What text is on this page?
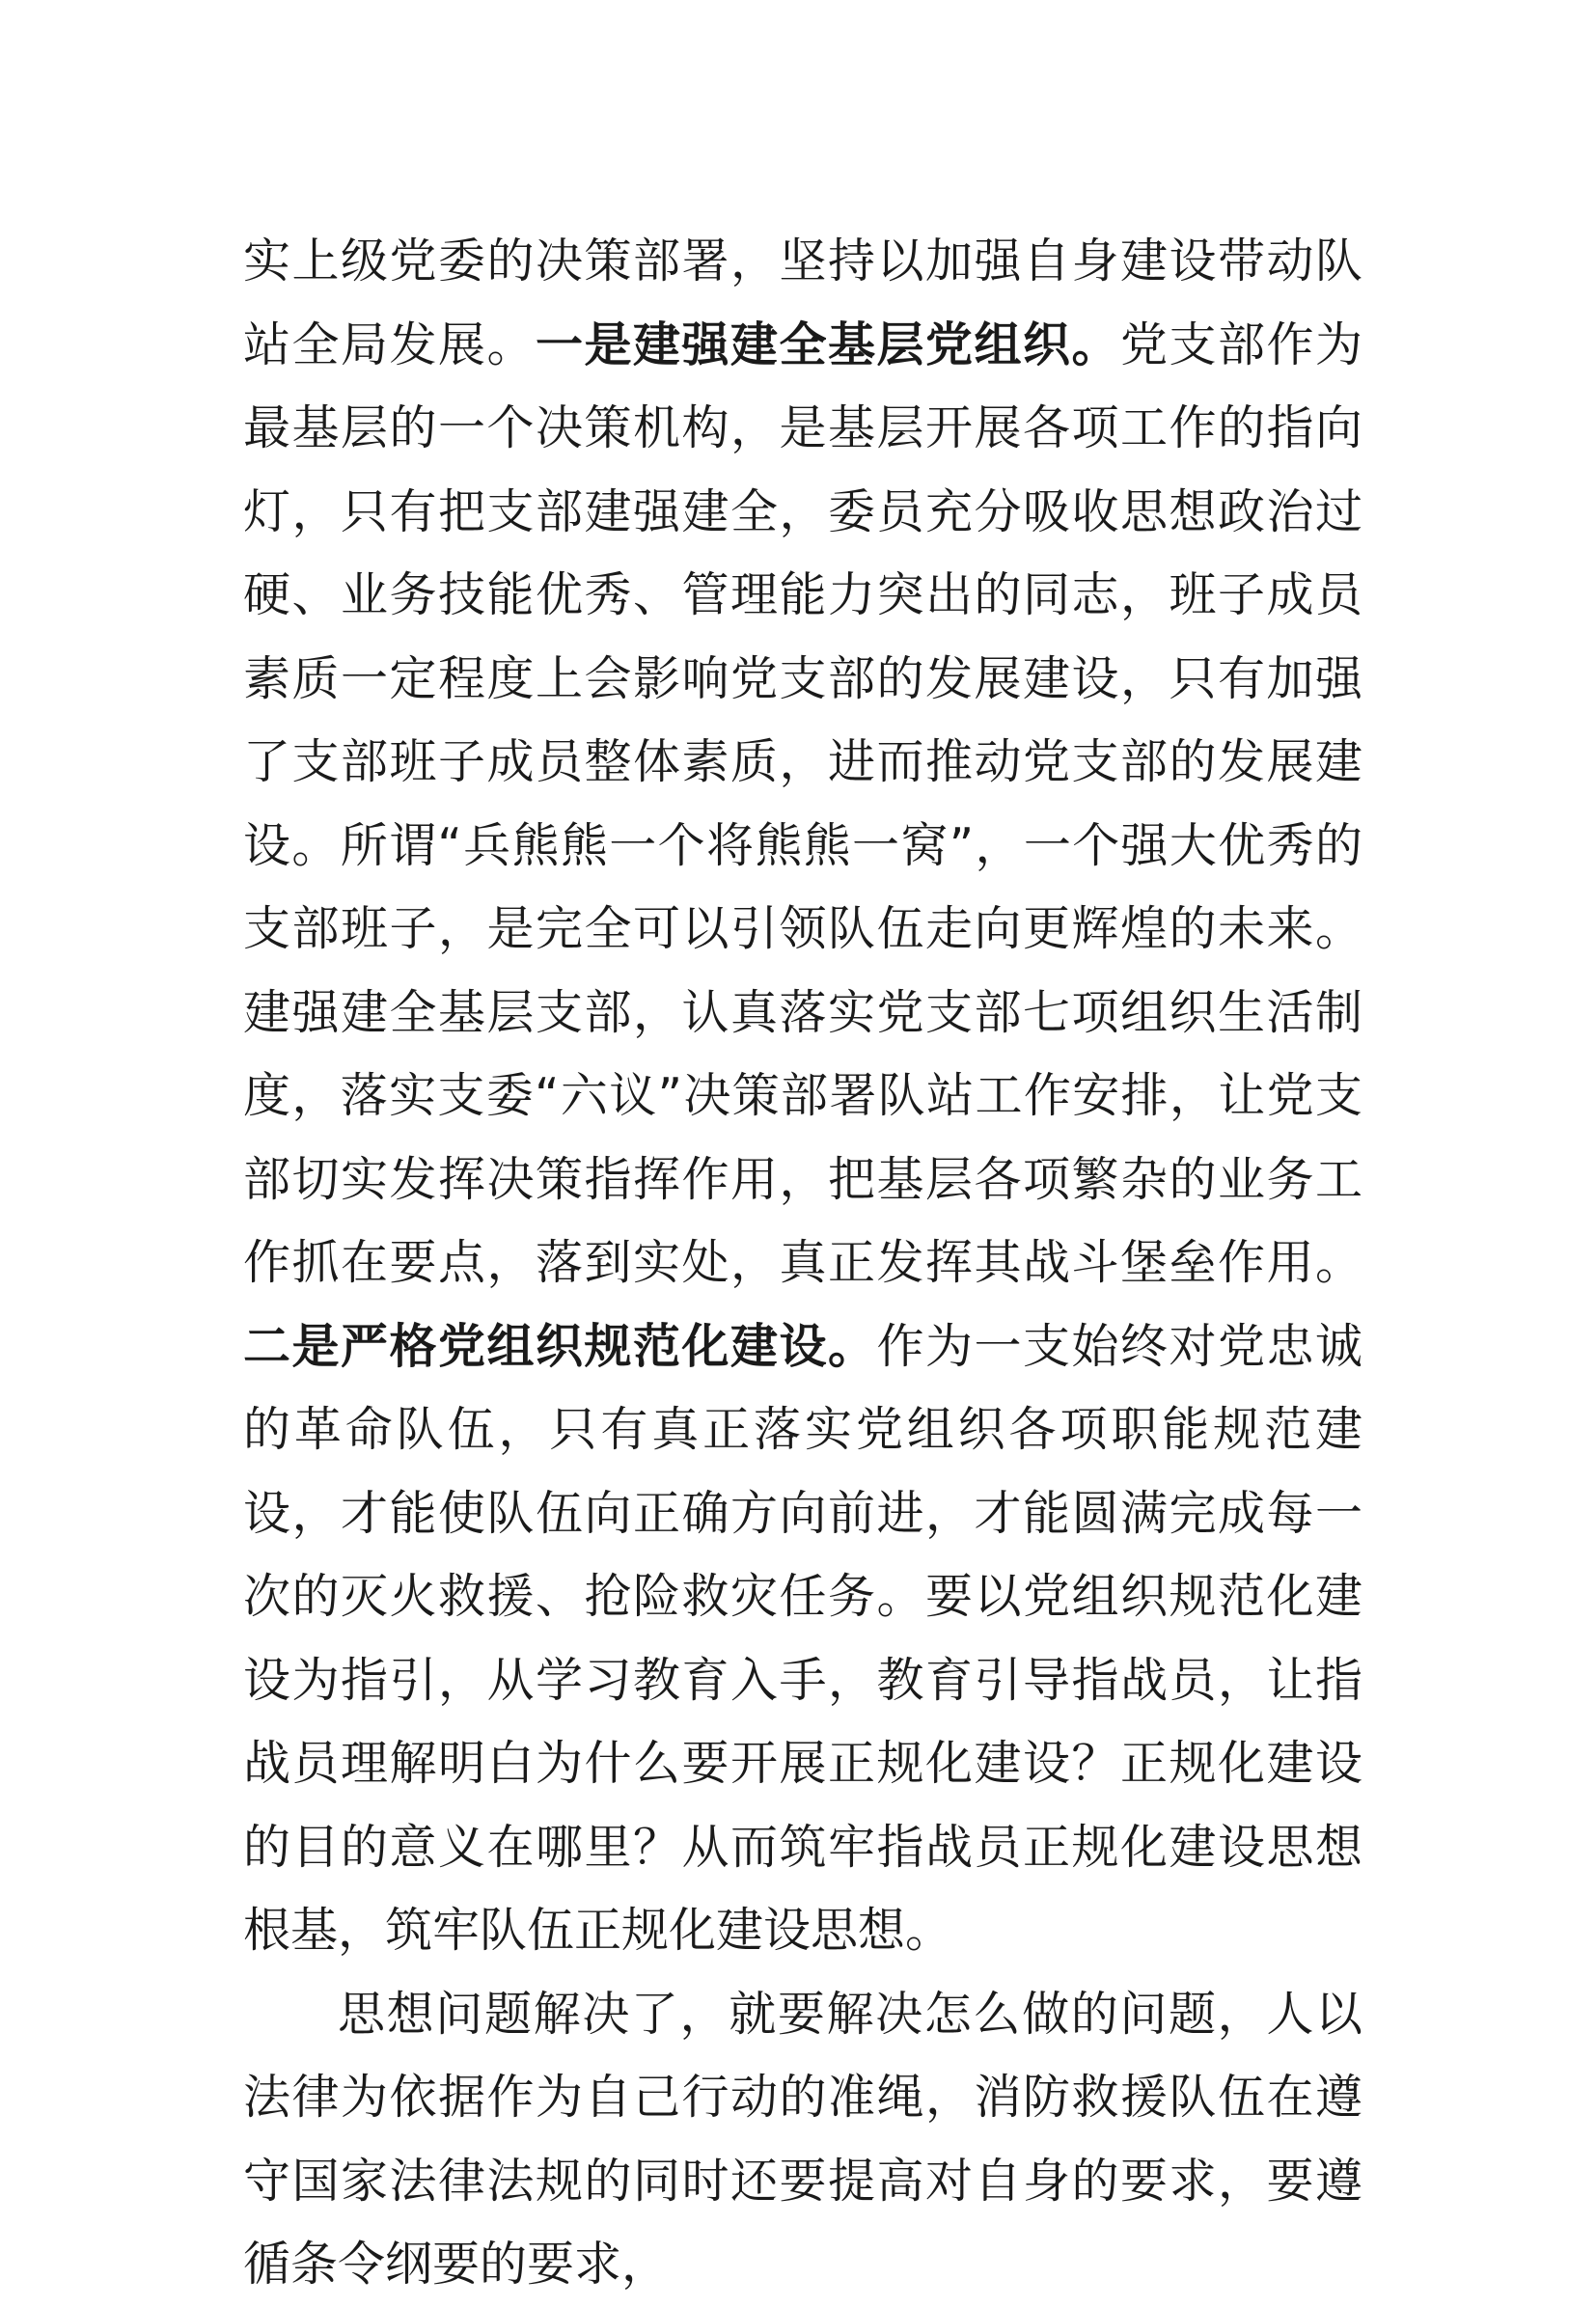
实上级党委的决策部署，坚持以加强自身建设带动队站全局发展。一是建强建全基层党组织。党支部作为最基层的一个决策机构，是基层开展各项工作的指向灯，只有把支部建强建全，委员充分吸收思想政治过硬、业务技能优秀、管理能力突出的同志，班子成员素质一定程度上会影响党支部的发展建设，只有加强了支部班子成员整体素质，进而推动党支部的发展建设。所谓“兵熊熊一个将熊熊一窝”，一个强大优秀的支部班子，是完全可以引领队伍走向更辉煌的未来。建强建全基层支部，认真落实党支部七项组织生活制度，落实支委“六议”决策部署队站工作安排，让党支部切实发挥决策指挥作用，把基层各项繁杂的业务工作抓在要点，落到实处，真正发挥其战斗堡垒作用。二是严格党组织规范化建设。作为一支始终对党忠诚的革命队伍，只有真正落实党组织各项职能规范建设，才能使队伍向正确方向前进，才能圆满完成每一次的灭火救援、抢险救灾任务。要以党组织规范化建设为指引，从学习教育入手，教育引导指战员，让指战员理解明白为什么要开展正规化建设？正规化建设的目的意义在哪里？从而筑牢指战员正规化建设思想根基，筑牢队伍正规化建设思想。

思想问题解决了，就要解决怎么做的问题，人以法律为依据作为自己行动的准绳，消防救援队伍在遵守国家法律法规的同时还要提高对自身的要求，要遵循条令纲要的要求，
